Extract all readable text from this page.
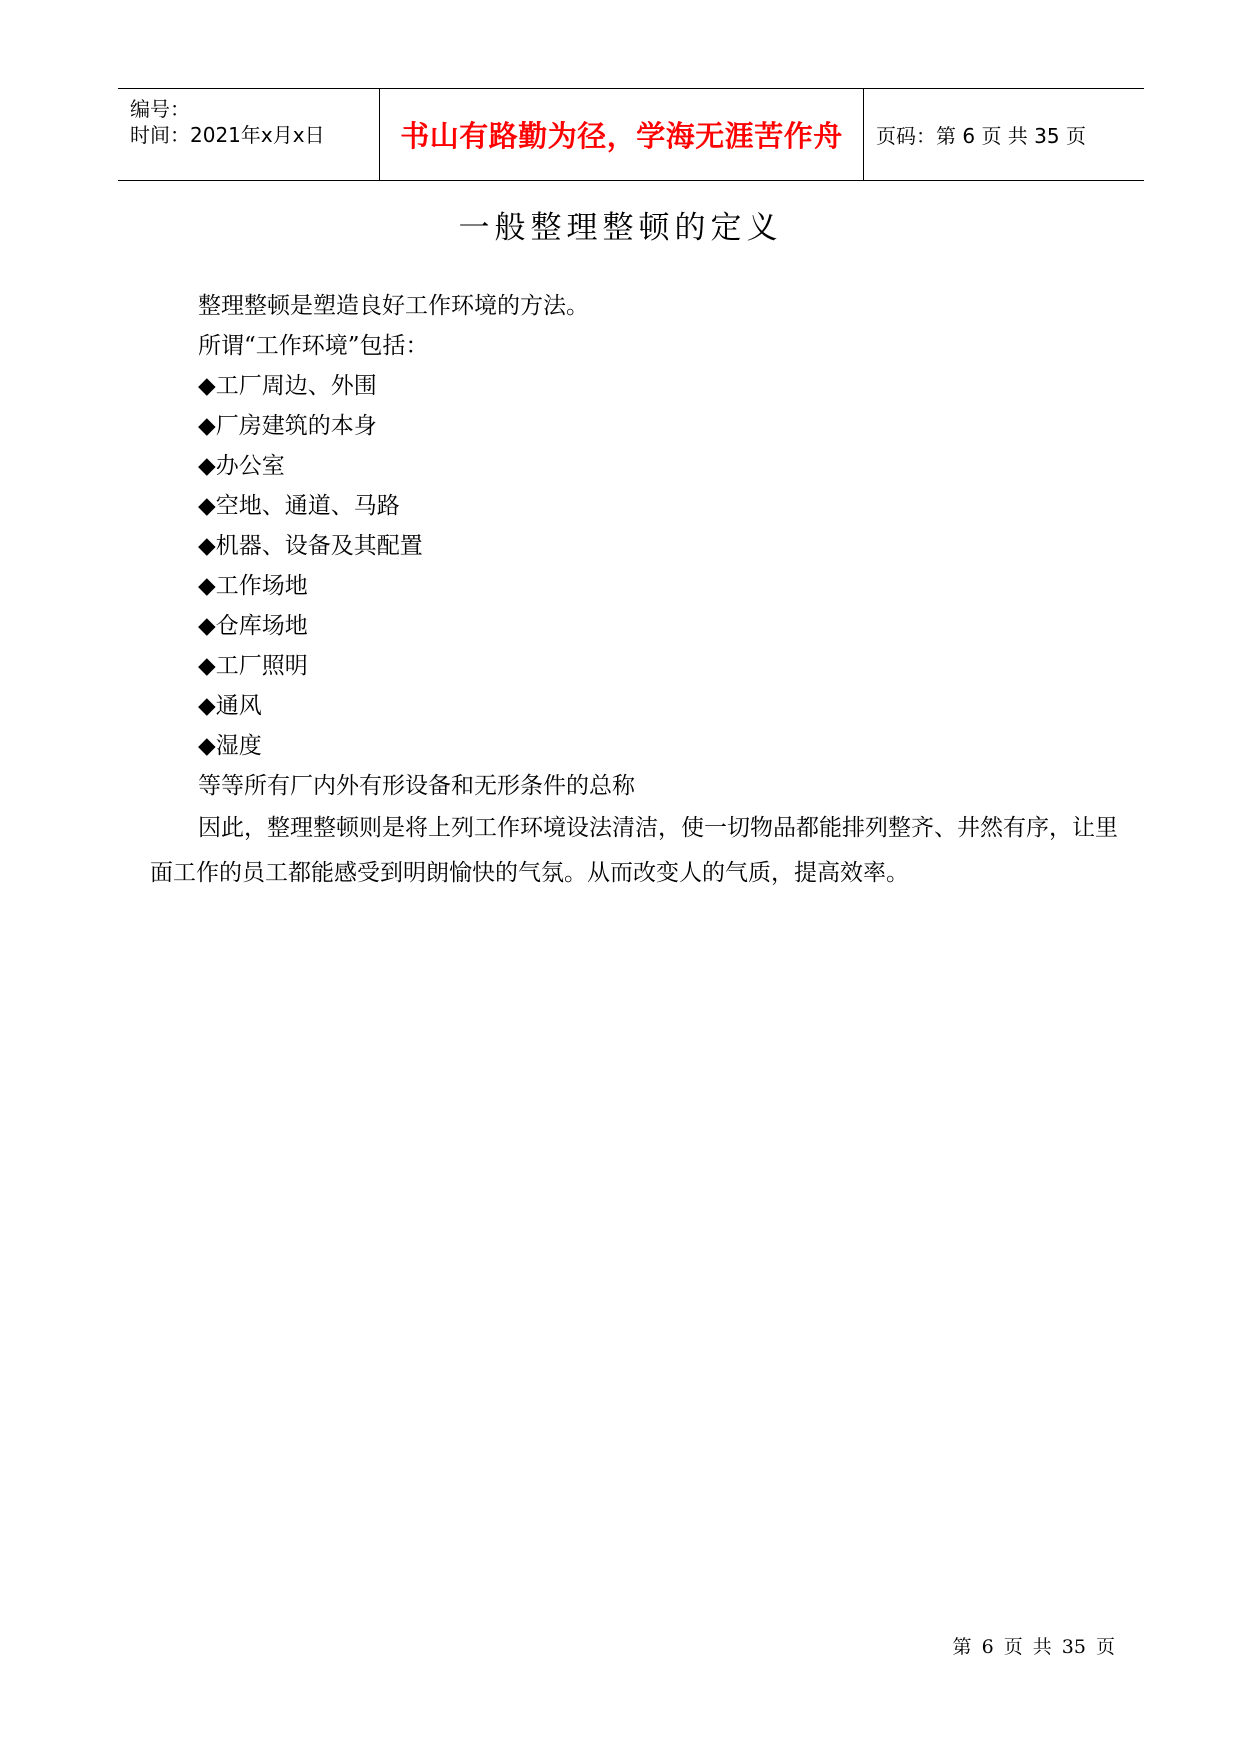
编号：
时间：2021年x月x日	书山有路勤为径，学海无涯苦作舟 页码：第 6 页 共 35 页
一般整理整顿的定义

整理整顿是塑造良好工作环境的方法。

所谓“工作环境”包括：

◆工厂周边、外围

◆厂房建筑的本身

◆办公室

◆空地、通道、马路

◆机器、设备及其配置

◆工作场地

◆仓库场地

◆工厂照明

◆通风

◆湿度

等等所有厂内外有形设备和无形条件的总称

因此，整理整顿则是将上列工作环境设法清洁，使一切物品都能排列整齐、井然有序，让里面工作的员工都能感受到明朗愉快的气氛。从而改变人的气质，提高效率。

第 6 页 共 35 页
